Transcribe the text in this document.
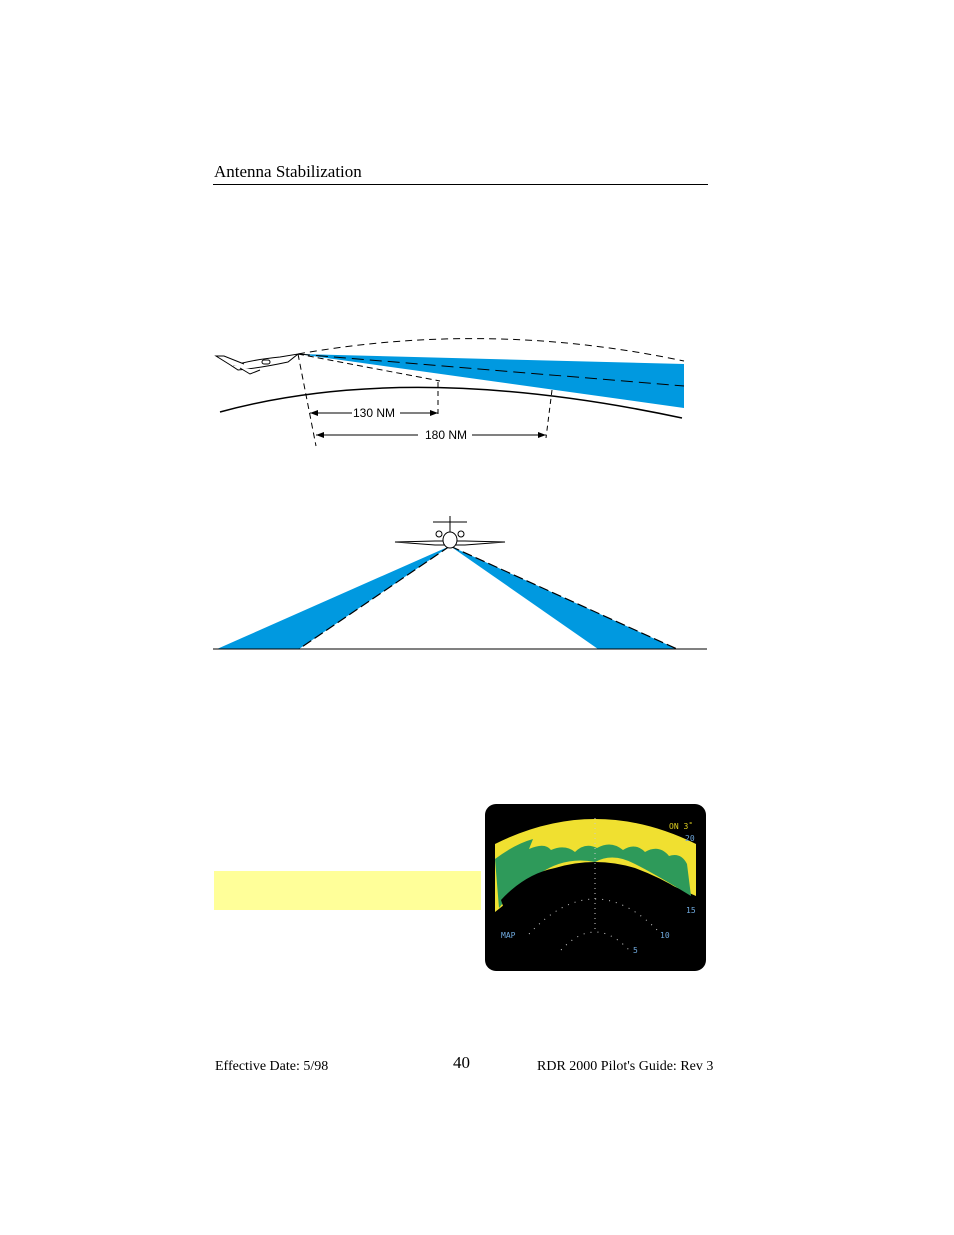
Antenna Stabilization
130 NM
180 NM
ON 3˚
20
15
10
5
MAP
Effective Date: 5/98	40	RDR 2000 Pilot's Guide: Rev 3
